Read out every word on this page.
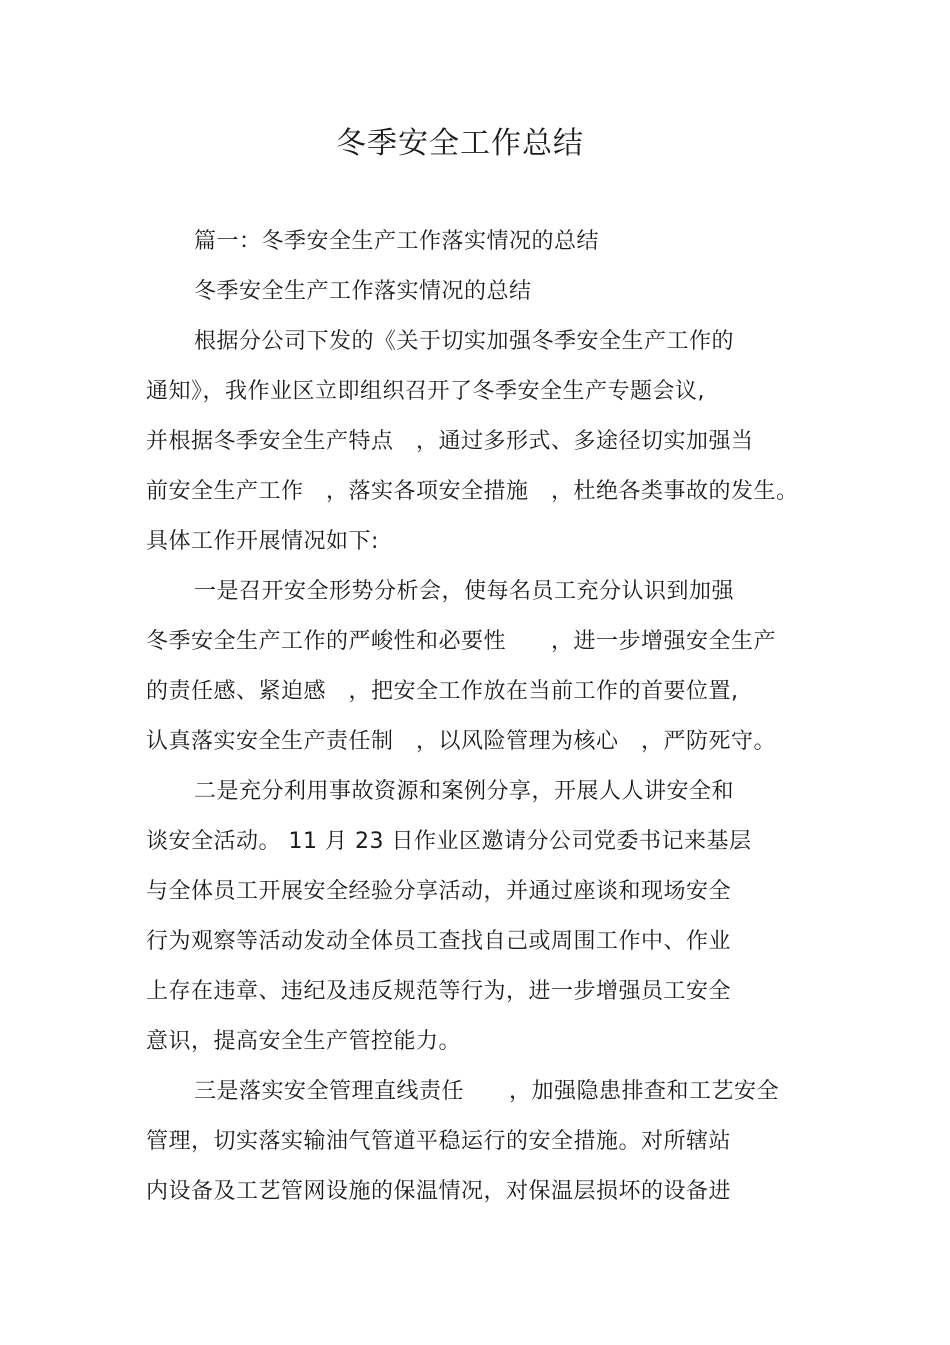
冬季安全工作总结
篇一：冬季安全生产工作落实情况的总结
冬季安全生产工作落实情况的总结
根据分公司下发的《关于切实加强冬季安全生产工作的
通知》，我作业区立即组织召开了冬季安全生产专题会议,
并根据冬季安全生产特点　，通过多形式、多途径切实加强当
前安全生产工作　，落实各项安全措施　，杜绝各类事故的发生。
具体工作开展情况如下:
一是召开安全形势分析会，使每名员工充分认识到加强
冬季安全生产工作的严峻性和必要性　　，进一步增强安全生产
的责任感、紧迫感　，把安全工作放在当前工作的首要位置,
认真落实安全生产责任制　，以风险管理为核心　，严防死守。
二是充分利用事故资源和案例分享，开展人人讲安全和
谈安全活动。 11 月 23 日作业区邀请分公司党委书记来基层
与全体员工开展安全经验分享活动，并通过座谈和现场安全
行为观察等活动发动全体员工查找自己或周围工作中、作业
上存在违章、违纪及违反规范等行为，进一步增强员工安全
意识，提高安全生产管控能力。
三是落实安全管理直线责任　　，加强隐患排查和工艺安全
管理，切实落实输油气管道平稳运行的安全措施。对所辖站
内设备及工艺管网设施的保温情况，对保温层损坏的设备进
